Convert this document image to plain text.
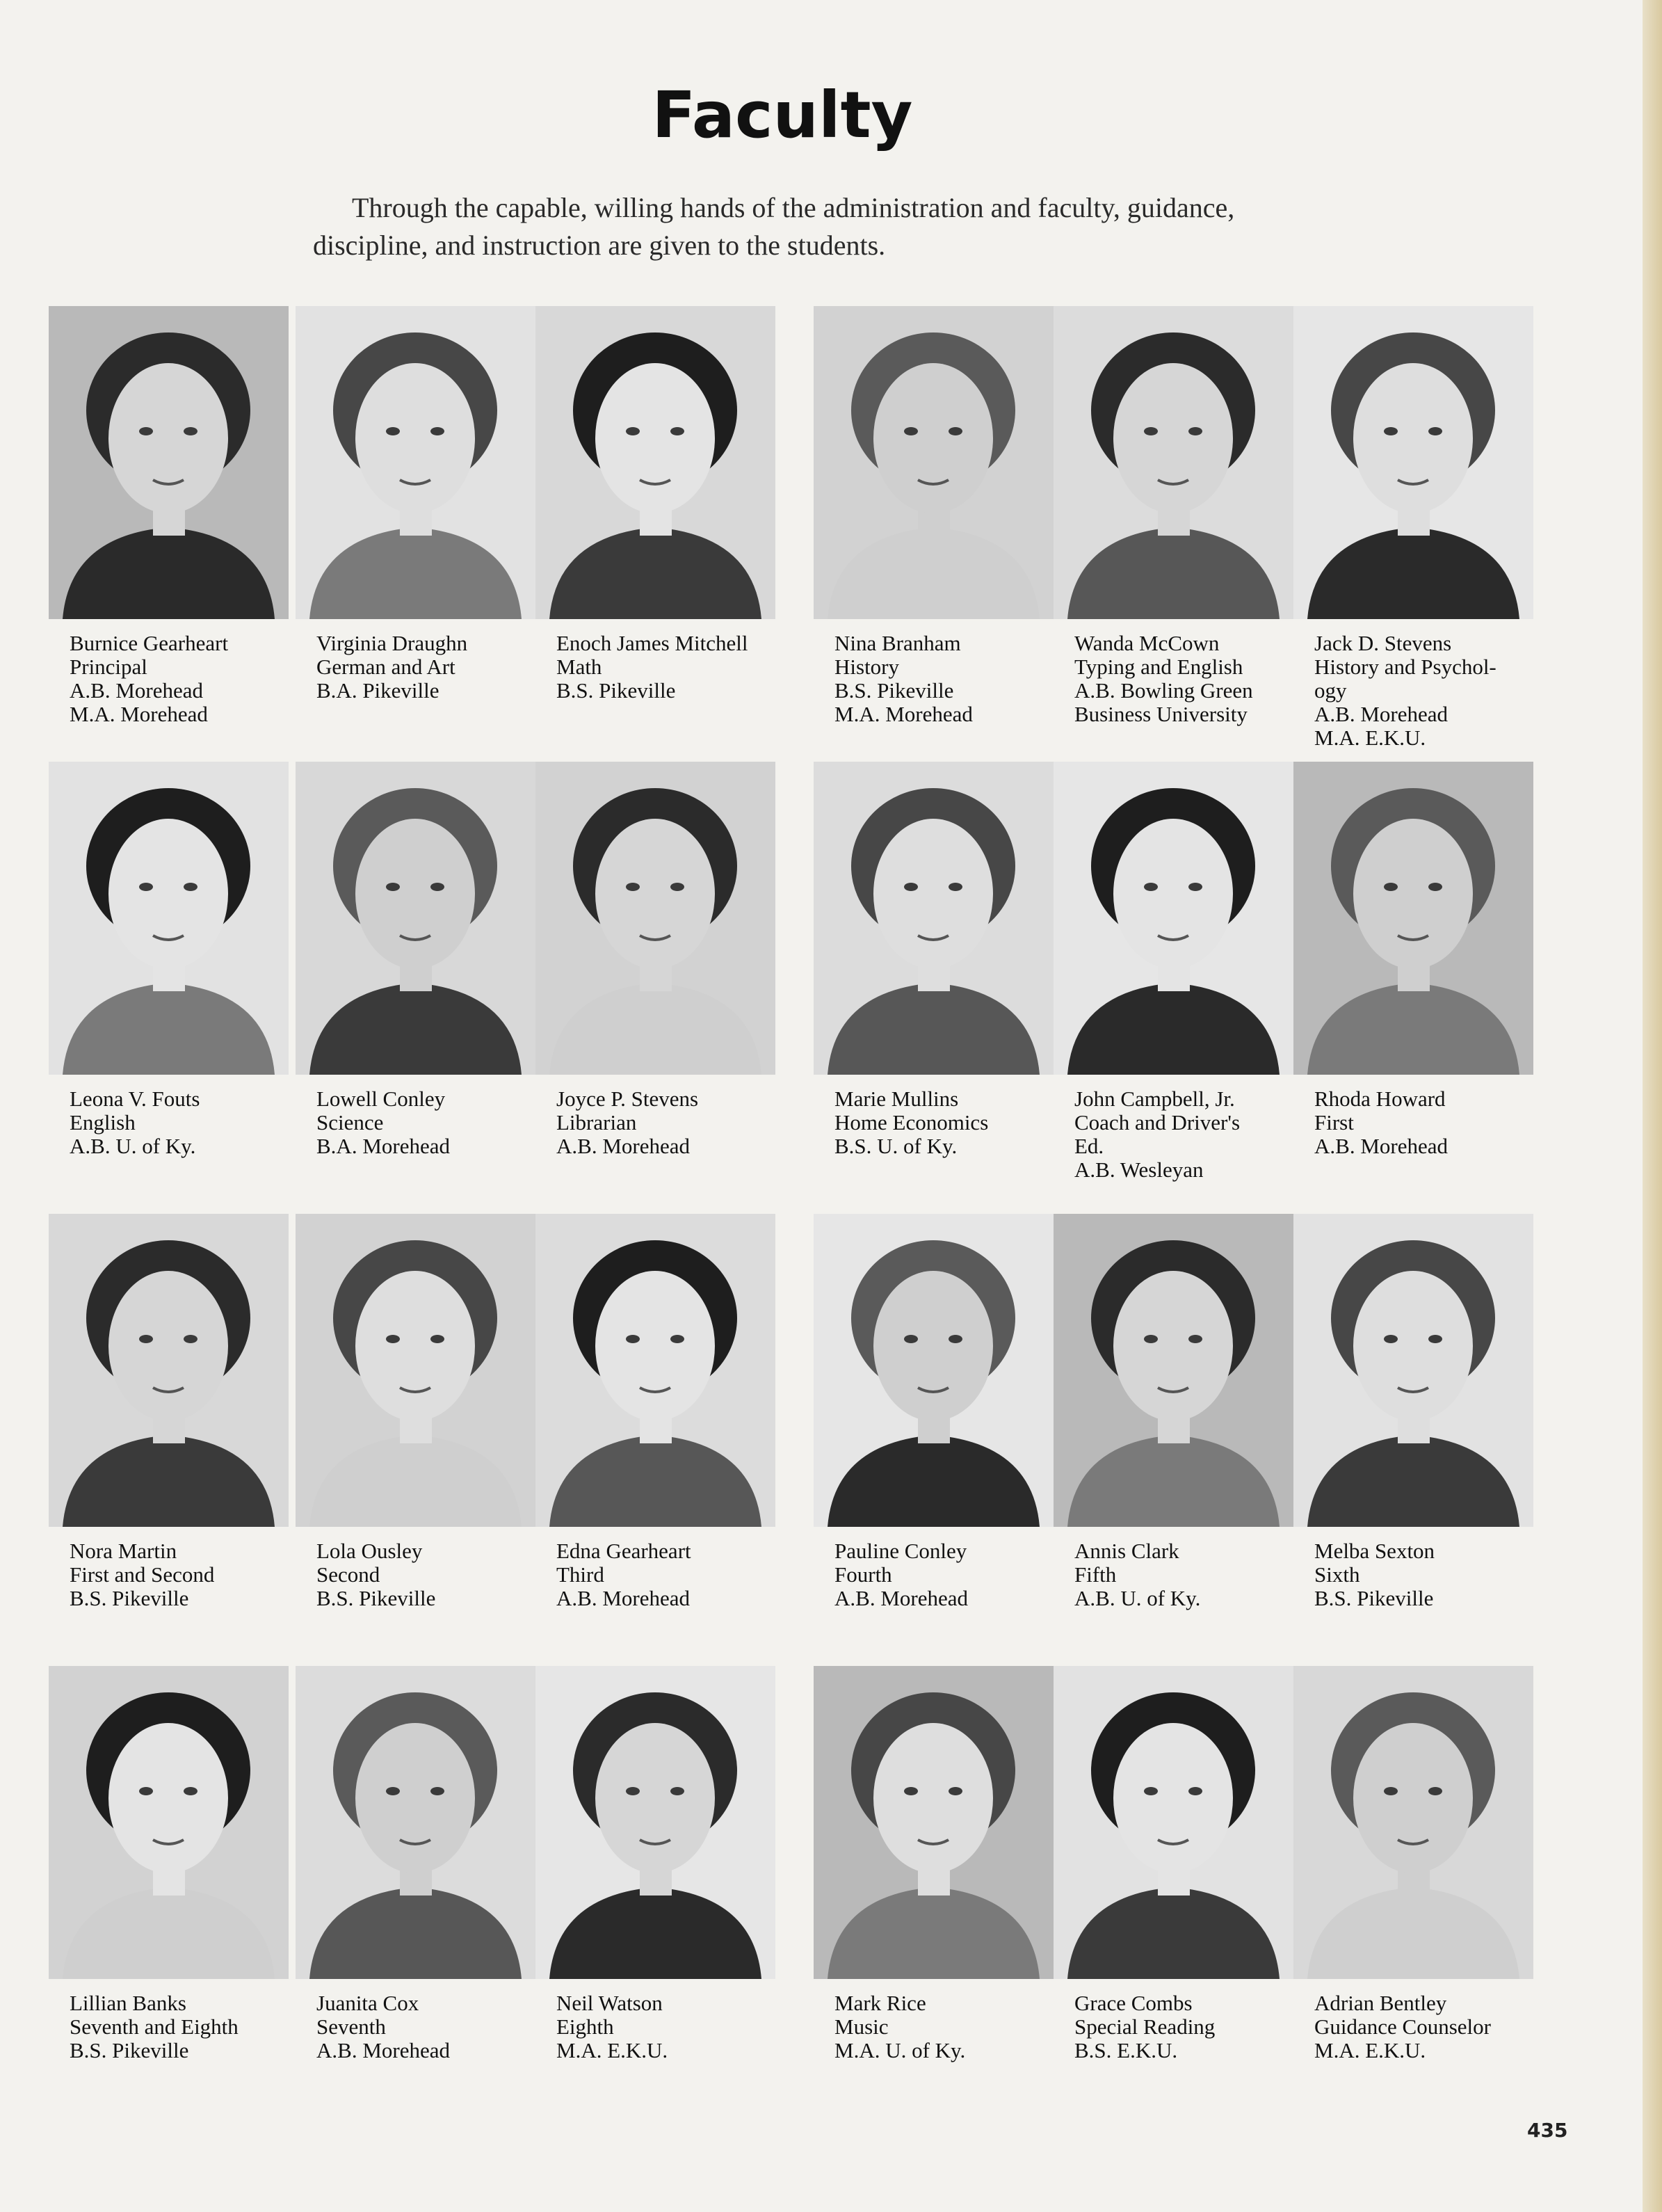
Faculty
Through the capable, willing hands of the administration and faculty, guidance,
discipline, and instruction are given to the students.
Burnice Gearheart
Principal
A.B. Morehead
M.A. Morehead
Virginia Draughn
German and Art
B.A. Pikeville
Enoch James Mitchell
Math
B.S. Pikeville
Nina Branham
History
B.S. Pikeville
M.A. Morehead
Wanda McCown
Typing and English
A.B. Bowling Green
Business University
Jack D. Stevens
History and Psychol-
ogy
A.B. Morehead
M.A. E.K.U.
Leona V. Fouts
English
A.B. U. of Ky.
Lowell Conley
Science
B.A. Morehead
Joyce P. Stevens
Librarian
A.B. Morehead
Marie Mullins
Home Economics
B.S. U. of Ky.
John Campbell, Jr.
Coach and Driver's
Ed.
A.B. Wesleyan
Rhoda Howard
First
A.B. Morehead
Nora Martin
First and Second
B.S. Pikeville
Lola Ousley
Second
B.S. Pikeville
Edna Gearheart
Third
A.B. Morehead
Pauline Conley
Fourth
A.B. Morehead
Annis Clark
Fifth
A.B. U. of Ky.
Melba Sexton
Sixth
B.S. Pikeville
Lillian Banks
Seventh and Eighth
B.S. Pikeville
Juanita Cox
Seventh
A.B. Morehead
Neil Watson
Eighth
M.A. E.K.U.
Mark Rice
Music
M.A. U. of Ky.
Grace Combs
Special Reading
B.S. E.K.U.
Adrian Bentley
Guidance Counselor
M.A. E.K.U.
435
